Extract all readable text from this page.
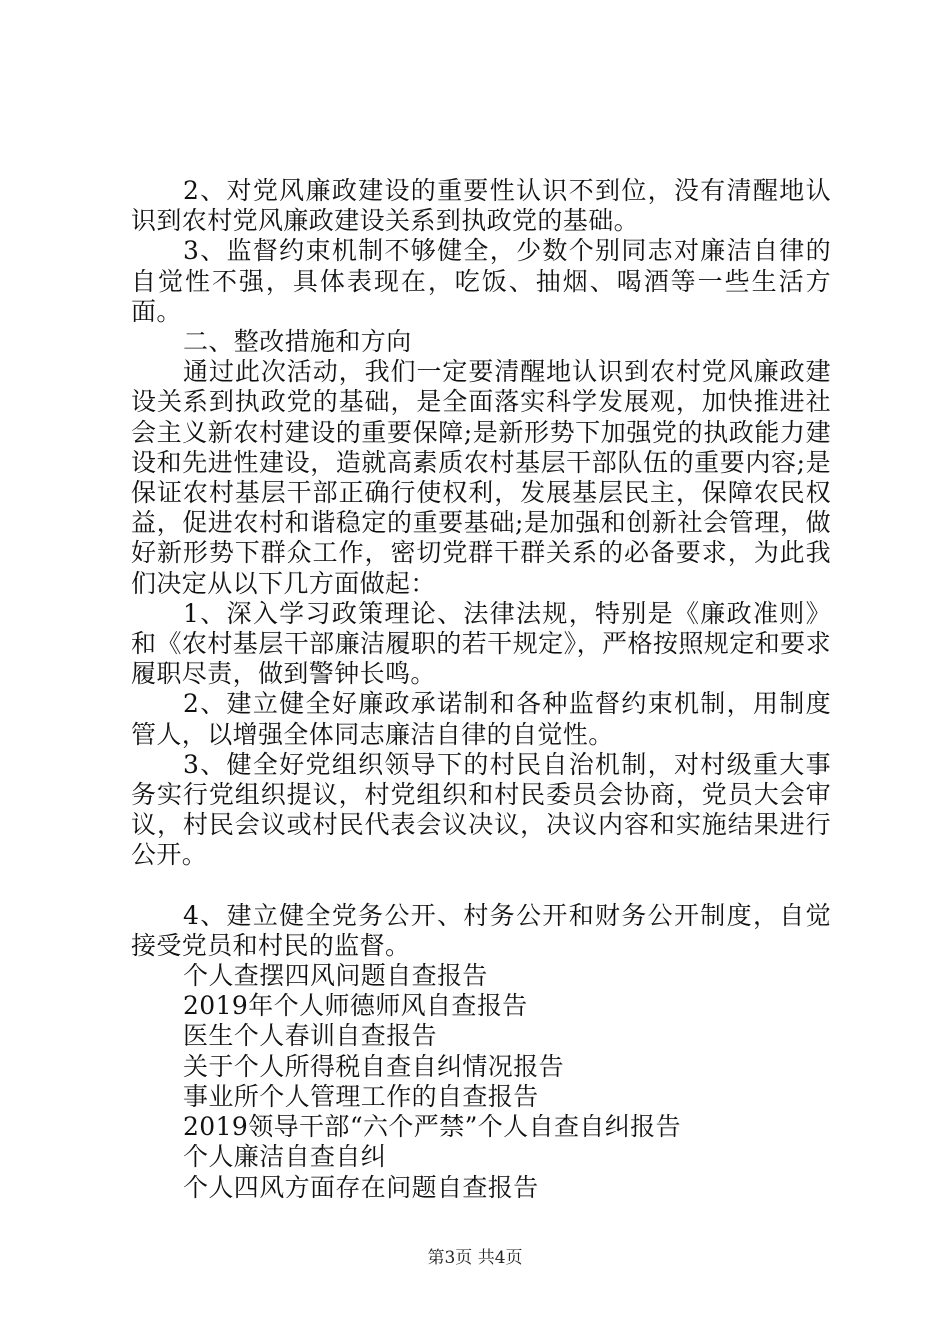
2、对党风廉政建设的重要性认识不到位，没有清醒地认识到农村党风廉政建设关系到执政党的基础。

3、监督约束机制不够健全，少数个别同志对廉洁自律的自觉性不强，具体表现在，吃饭、抽烟、喝酒等一些生活方面。

二、整改措施和方向

通过此次活动，我们一定要清醒地认识到农村党风廉政建设关系到执政党的基础，是全面落实科学发展观，加快推进社会主义新农村建设的重要保障;是新形势下加强党的执政能力建设和先进性建设，造就高素质农村基层干部队伍的重要内容;是保证农村基层干部正确行使权利，发展基层民主，保障农民权益，促进农村和谐稳定的重要基础;是加强和创新社会管理，做好新形势下群众工作，密切党群干群关系的必备要求，为此我们决定从以下几方面做起：

1、深入学习政策理论、法律法规，特别是《廉政准则》和《农村基层干部廉洁履职的若干规定》，严格按照规定和要求履职尽责，做到警钟长鸣。

2、建立健全好廉政承诺制和各种监督约束机制，用制度管人，以增强全体同志廉洁自律的自觉性。

3、健全好党组织领导下的村民自治机制，对村级重大事务实行党组织提议，村党组织和村民委员会协商，党员大会审议，村民会议或村民代表会议决议，决议内容和实施结果进行公开。

4、建立健全党务公开、村务公开和财务公开制度，自觉接受党员和村民的监督。

个人查摆四风问题自查报告
2019年个人师德师风自查报告
医生个人春训自查报告
关于个人所得税自查自纠情况报告
事业所个人管理工作的自查报告
2019领导干部“六个严禁”个人自查自纠报告
个人廉洁自查自纠
个人四风方面存在问题自查报告
第3页 共4页
